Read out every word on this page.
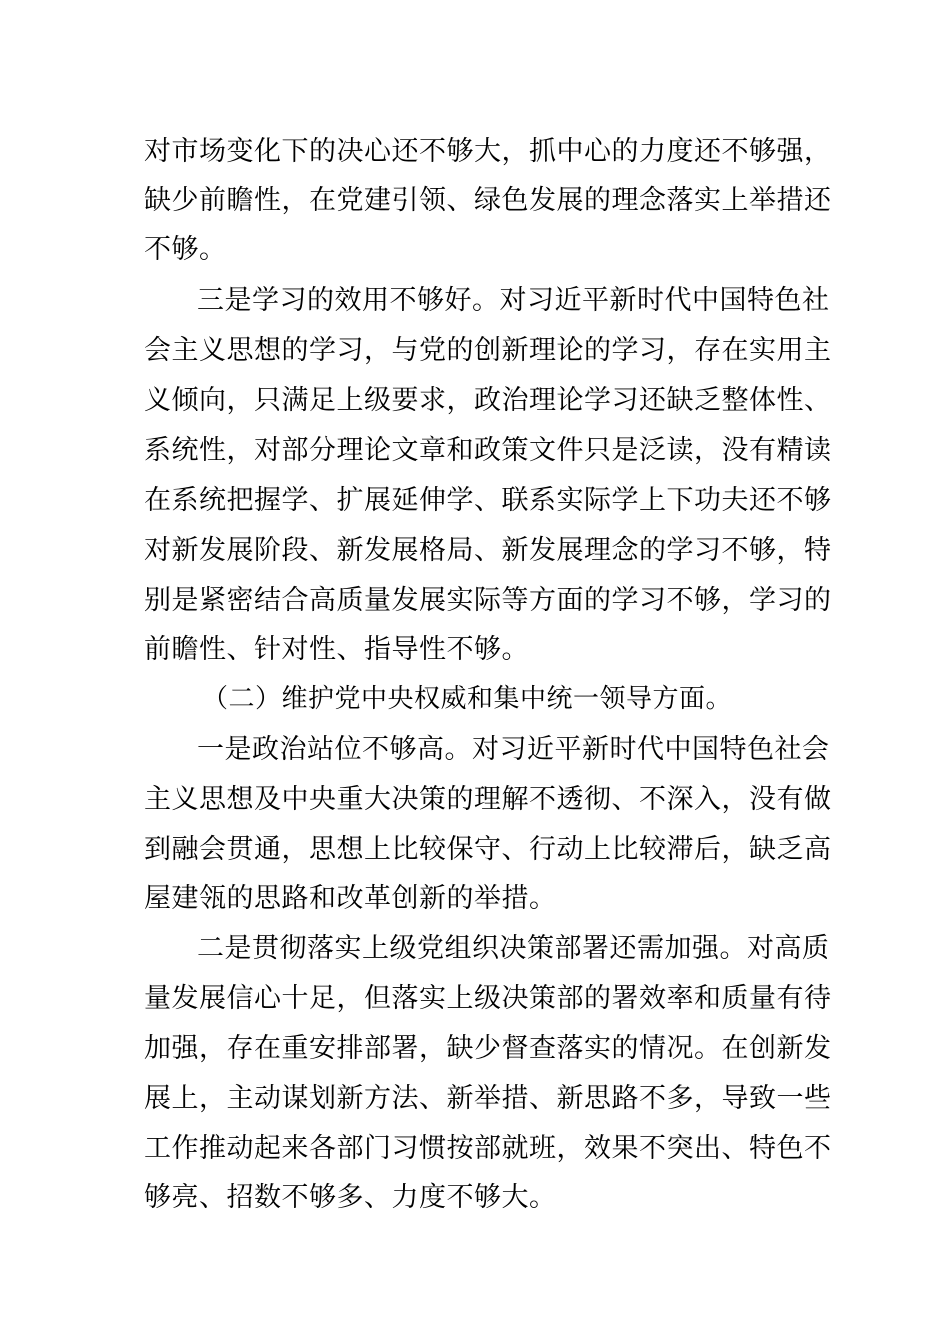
对市场变化下的决心还不够大，抓中心的力度还不够强，
缺少前瞻性，在党建引领、绿色发展的理念落实上举措还
不够。
三是学习的效用不够好。对习近平新时代中国特色社
会主义思想的学习，与党的创新理论的学习，存在实用主
义倾向，只满足上级要求，政治理论学习还缺乏整体性、
系统性，对部分理论文章和政策文件只是泛读，没有精读
在系统把握学、扩展延伸学、联系实际学上下功夫还不够
对新发展阶段、新发展格局、新发展理念的学习不够，特
别是紧密结合高质量发展实际等方面的学习不够，学习的
前瞻性、针对性、指导性不够。
（二）维护党中央权威和集中统一领导方面。
一是政治站位不够高。对习近平新时代中国特色社会
主义思想及中央重大决策的理解不透彻、不深入，没有做
到融会贯通，思想上比较保守、行动上比较滞后，缺乏高
屋建瓴的思路和改革创新的举措。
二是贯彻落实上级党组织决策部署还需加强。对高质
量发展信心十足，但落实上级决策部的署效率和质量有待
加强，存在重安排部署，缺少督查落实的情况。在创新发
展上，主动谋划新方法、新举措、新思路不多，导致一些
工作推动起来各部门习惯按部就班，效果不突出、特色不
够亮、招数不够多、力度不够大。
